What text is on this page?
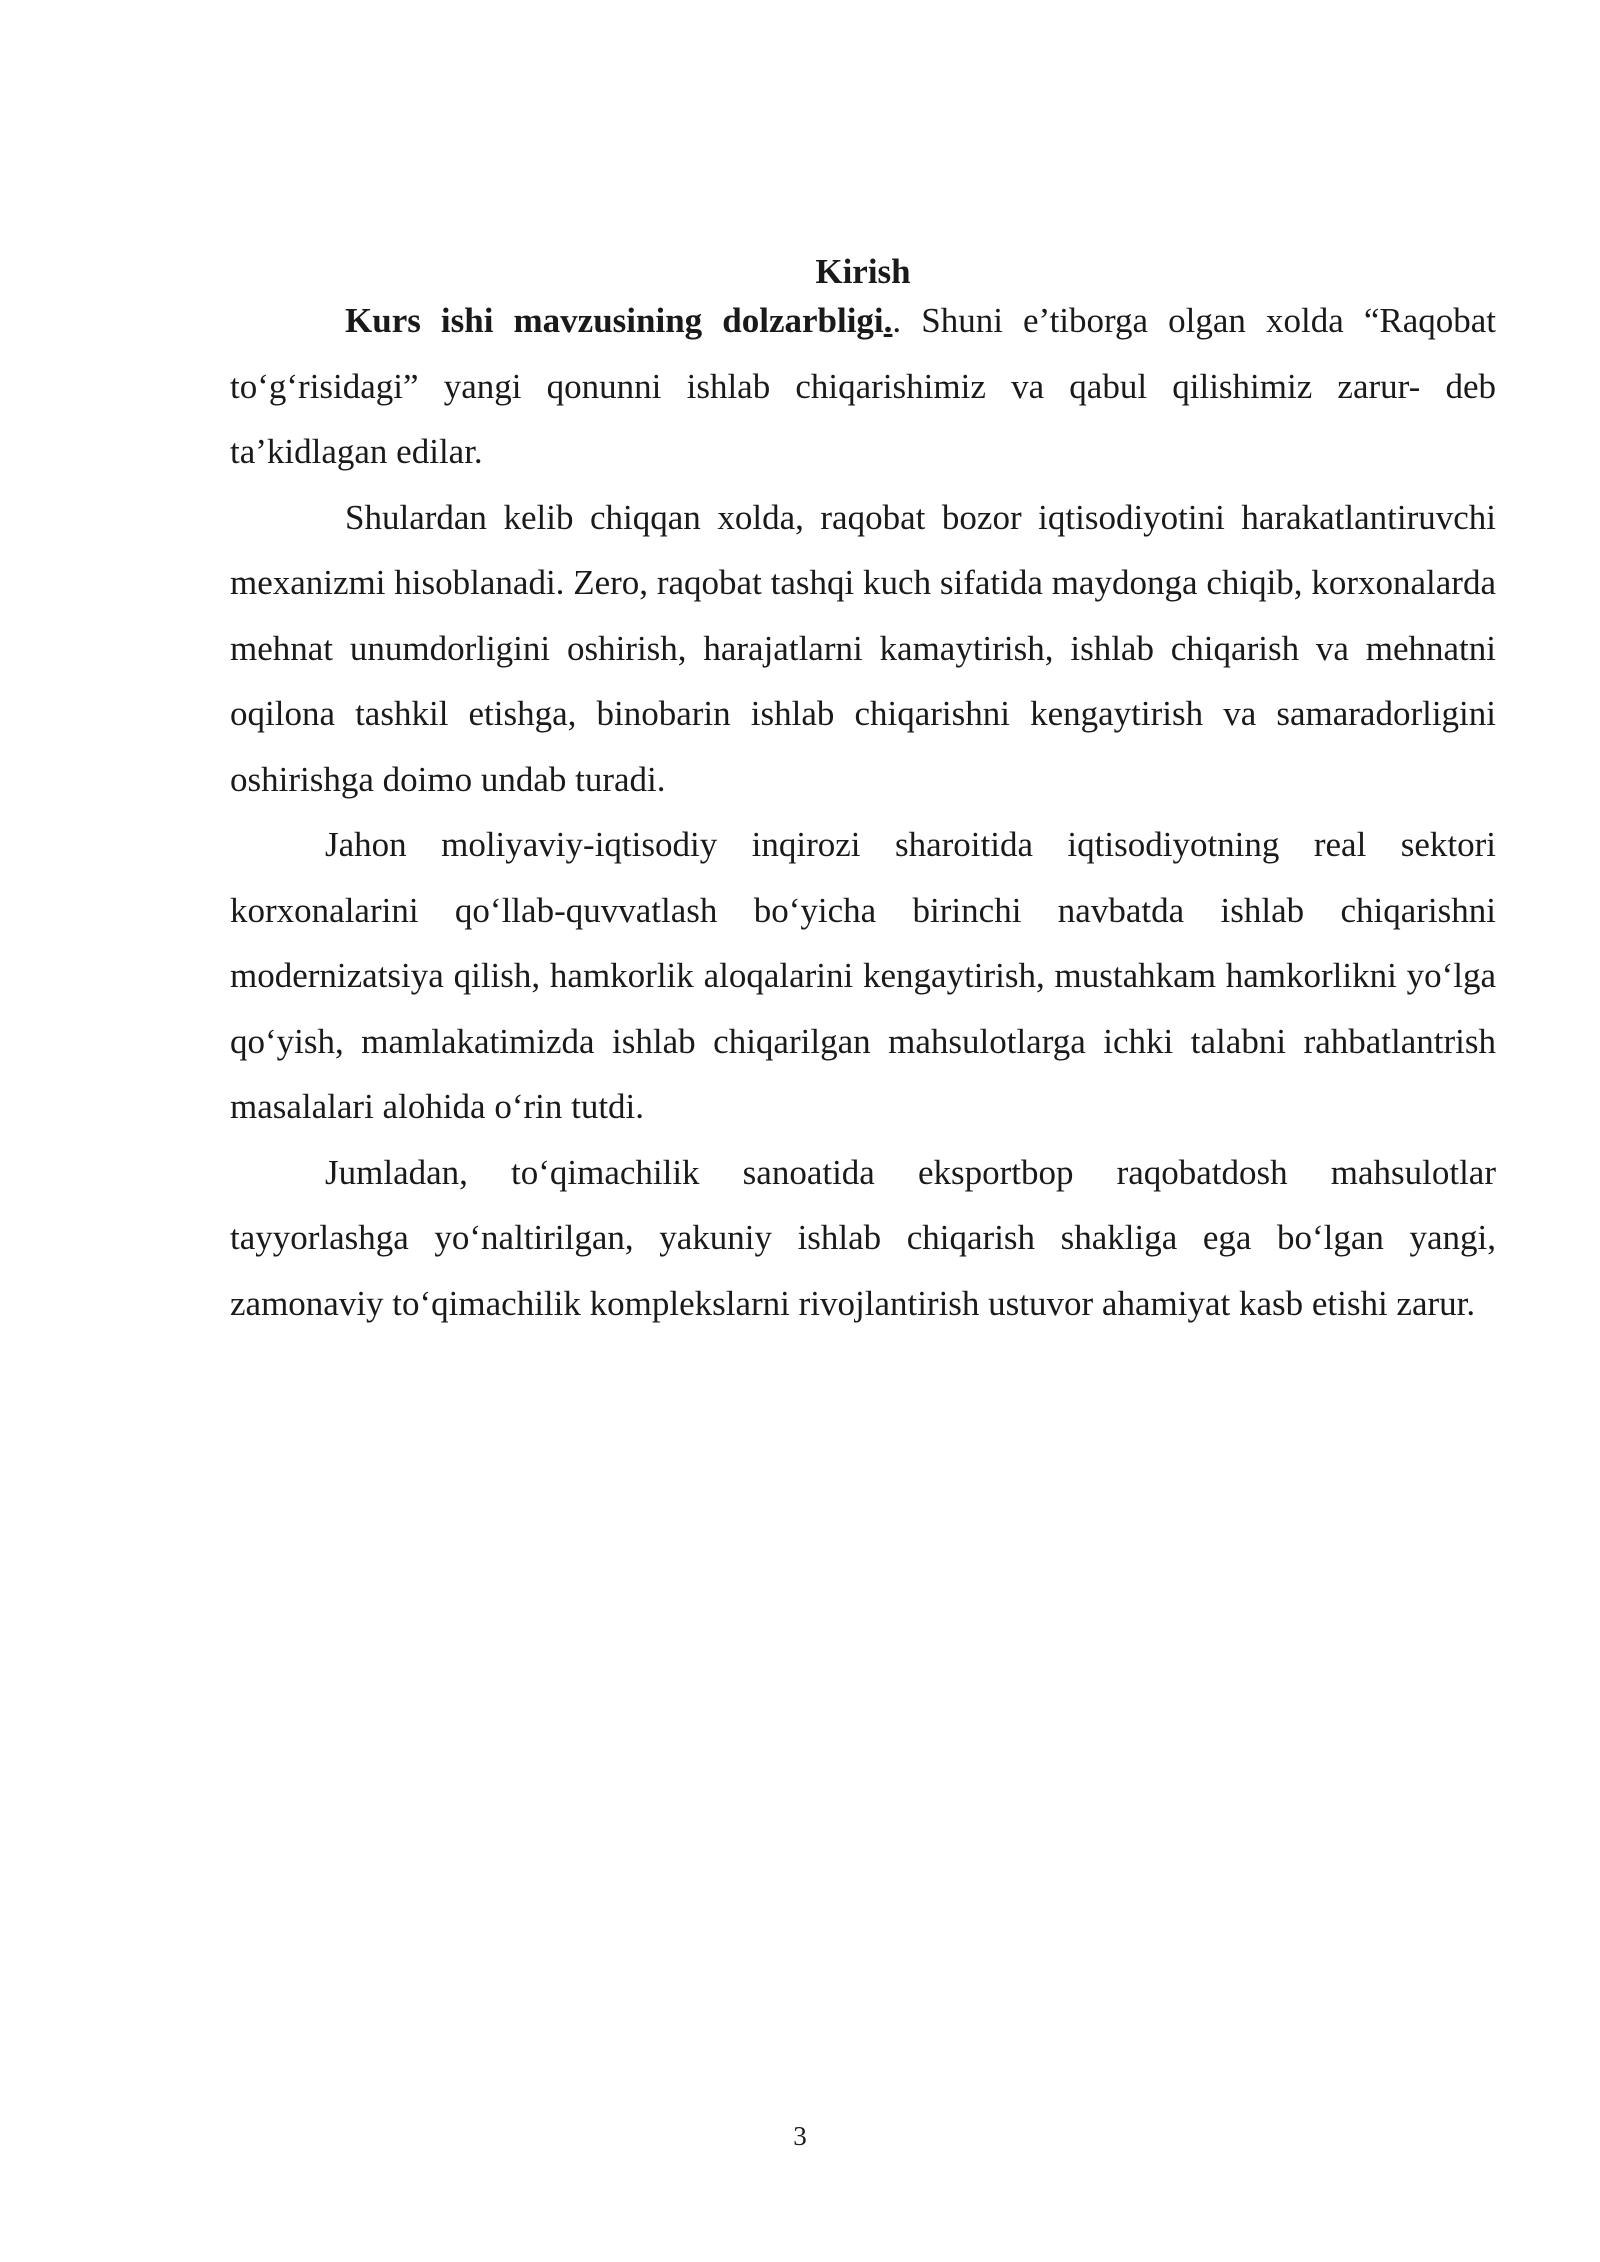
Kirish

Kurs ishi mavzusining dolzarbligi.. Shuni e’tiborga olgan xolda “Raqobat to‘g‘risidagi” yangi qonunni ishlab chiqarishimiz va qabul qilishimiz zarur- deb ta’kidlagan edilar.

Shulardan kelib chiqqan xolda, raqobat bozor iqtisodiyotini harakatlantiruvchi mexanizmi hisoblanadi. Zero, raqobat tashqi kuch sifatida maydonga chiqib, korxonalarda mehnat unumdorligini oshirish, harajatlarni kamaytirish, ishlab chiqarish va mehnatni oqilona tashkil etishga, binobarin ishlab chiqarishni kengaytirish va samaradorligini oshirishga doimo undab turadi.

Jahon moliyaviy-iqtisodiy inqirozi sharoitida iqtisodiyotning real sektori korxonalarini qo‘llab-quvvatlash bo‘yicha birinchi navbatda ishlab chiqarishni modernizatsiya qilish, hamkorlik aloqalarini kengaytirish, mustahkam hamkorlikni yo‘lga qo‘yish, mamlakatimizda ishlab chiqarilgan mahsulotlarga ichki talabni rahbatlantrish masalalari alohida o‘rin tutdi.

Jumladan, to‘qimachilik sanoatida eksportbop raqobatdosh mahsulotlar tayyorlashga yo‘naltirilgan, yakuniy ishlab chiqarish shakliga ega bo‘lgan yangi, zamonaviy to‘qimachilik komplekslarni rivojlantirish ustuvor ahamiyat kasb etishi zarur.

3
